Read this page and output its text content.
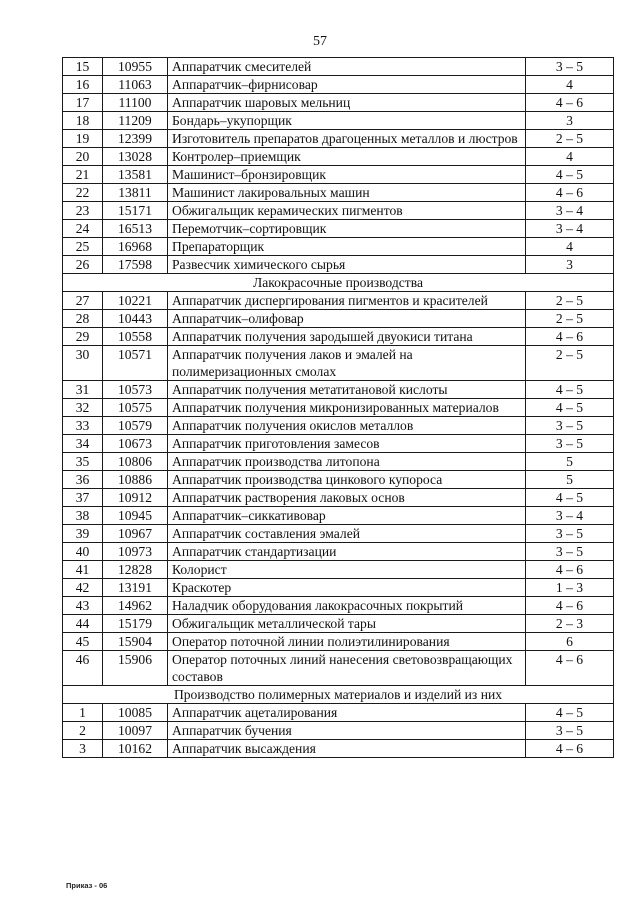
57
15	10955	Аппаратчик смесителей	3 – 5
16	11063	Аппаратчик–фирнисовар	4
17	11100	Аппаратчик шаровых мельниц	4 – 6
18	11209	Бондарь–укупорщик	3
19	12399	Изготовитель препаратов драгоценных металлов и люстров	2 – 5
20	13028	Контролер–приемщик	4
21	13581	Машинист–бронзировщик	4 – 5
22	13811	Машинист лакировальных машин	4 – 6
23	15171	Обжигальщик керамических пигментов	3 – 4
24	16513	Перемотчик–сортировщик	3 – 4
25	16968	Препараторщик	4
26	17598	Развесчик химического сырья	3
Лакокрасочные производства			
27	10221	Аппаратчик диспергирования пигментов и красителей	2 – 5
28	10443	Аппаратчик–олифовар	2 – 5
29	10558	Аппаратчик получения зародышей двуокиси титана	4 – 6
30	10571	Аппаратчик получения лаков и эмалей на полимеризационных смолах	2 – 5
31	10573	Аппаратчик получения метатитановой кислоты	4 – 5
32	10575	Аппаратчик получения микронизированных материалов	4 – 5
33	10579	Аппаратчик получения окислов металлов	3 – 5
34	10673	Аппаратчик приготовления замесов	3 – 5
35	10806	Аппаратчик производства литопона	5
36	10886	Аппаратчик производства цинкового купороса	5
37	10912	Аппаратчик растворения лаковых основ	4 – 5
38	10945	Аппаратчик–сиккативовар	3 – 4
39	10967	Аппаратчик составления эмалей	3 – 5
40	10973	Аппаратчик стандартизации	3 – 5
41	12828	Колорист	4 – 6
42	13191	Краскотер	1 – 3
43	14962	Наладчик оборудования лакокрасочных покрытий	4 – 6
44	15179	Обжигальщик металлической тары	2 – 3
45	15904	Оператор поточной линии полиэтилинирования	6
46	15906	Оператор поточных линий нанесения световозвращающих составов	4 – 6
Производство полимерных материалов и изделий из них			
1	10085	Аппаратчик ацеталирования	4 – 5
2	10097	Аппаратчик бучения	3 – 5
3	10162	Аппаратчик высаждения	4 – 6
Приказ - 06
